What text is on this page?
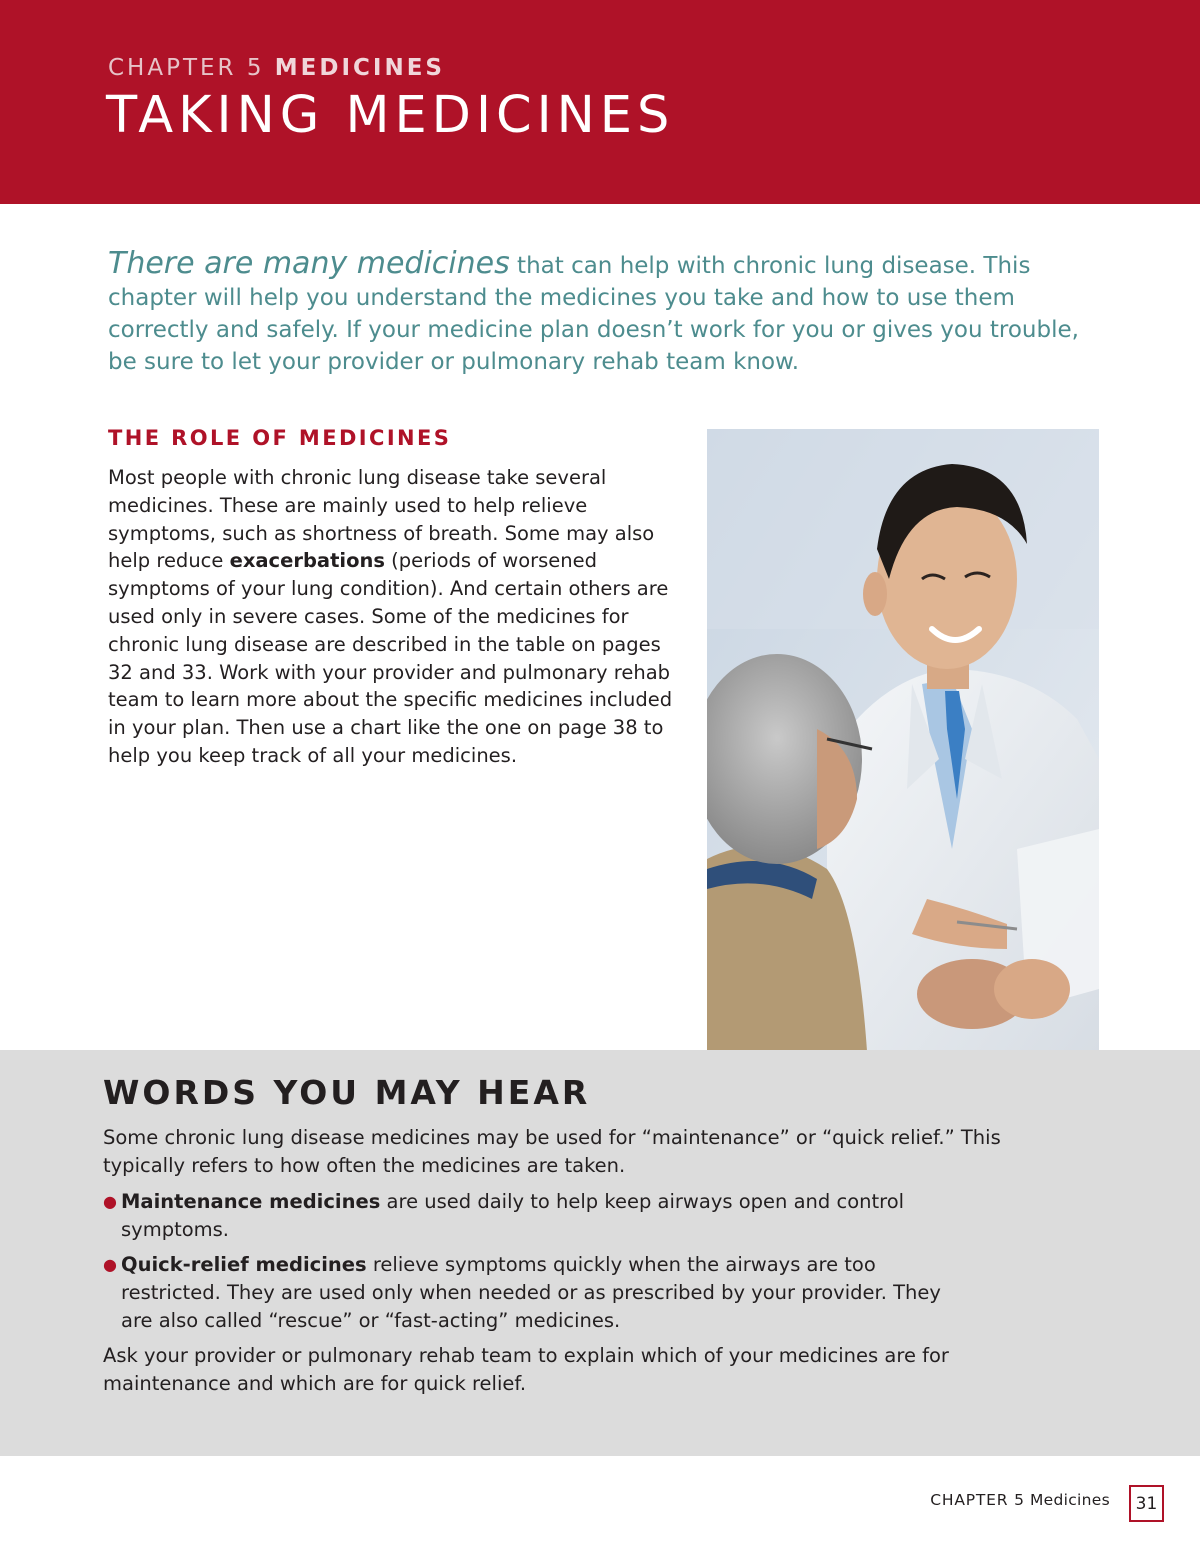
CHAPTER 5 MEDICINES
TAKING MEDICINES

There are many medicines that can help with chronic lung disease. This chapter will help you understand the medicines you take and how to use them correctly and safely. If your medicine plan doesn’t work for you or gives you trouble, be sure to let your provider or pulmonary rehab team know.

THE ROLE OF MEDICINES

Most people with chronic lung disease take several medicines. These are mainly used to help relieve symptoms, such as shortness of breath. Some may also help reduce exacerbations (periods of worsened symptoms of your lung condition). And certain others are used only in severe cases. Some of the medicines for chronic lung disease are described in the table on pages 32 and 33. Work with your provider and pulmonary rehab team to learn more about the specific medicines included in your plan. Then use a chart like the one on page 38 to help you keep track of all your medicines.

WORDS YOU MAY HEAR

Some chronic lung disease medicines may be used for “maintenance” or “quick relief.” This typically refers to how often the medicines are taken.

● Maintenance medicines are used daily to help keep airways open and control symptoms.
● Quick-relief medicines relieve symptoms quickly when the airways are too restricted. They are used only when needed or as prescribed by your provider. They are also called “rescue” or “fast-acting” medicines.

Ask your provider or pulmonary rehab team to explain which of your medicines are for maintenance and which are for quick relief.

CHAPTER 5 Medicines	31
